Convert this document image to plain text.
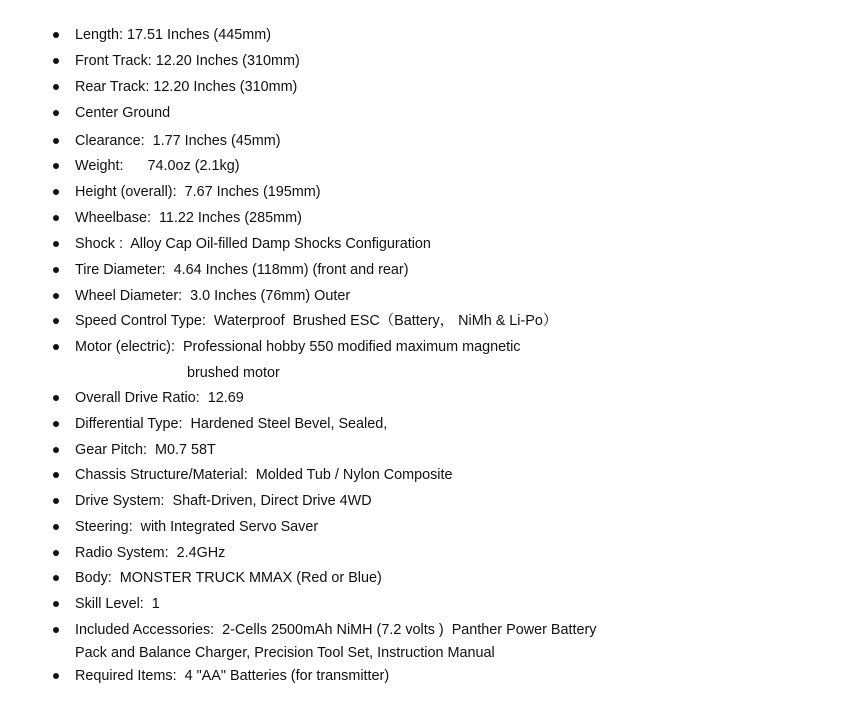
Length: 17.51 Inches (445mm)
Front Track: 12.20 Inches (310mm)
Rear Track: 12.20 Inches (310mm)
Center Ground
Clearance:  1.77 Inches (45mm)
Weight:      74.0oz (2.1kg)
Height (overall):  7.67 Inches (195mm)
Wheelbase:  11.22 Inches (285mm)
Shock :  Alloy Cap Oil-filled Damp Shocks Configuration
Tire Diameter:  4.64 Inches (118mm) (front and rear)
Wheel Diameter:  3.0 Inches (76mm) Outer
Speed Control Type:  Waterproof  Brushed ESC（Battery， NiMh & Li-Po）
Motor (electric):  Professional hobby 550 modified maximum magnetic
brushed motor
Overall Drive Ratio:  12.69
Differential Type:  Hardened Steel Bevel, Sealed,
Gear Pitch:  M0.7 58T
Chassis Structure/Material:  Molded Tub / Nylon Composite
Drive System:  Shaft-Driven, Direct Drive 4WD
Steering:  with Integrated Servo Saver
Radio System:  2.4GHz
Body:  MONSTER TRUCK MMAX (Red or Blue)
Skill Level:  1
Included Accessories:  2-Cells 2500mAh NiMH (7.2 volts )  Panther Power Battery
Pack and Balance Charger, Precision Tool Set, Instruction Manual
Required Items:  4 "AA" Batteries (for transmitter)
